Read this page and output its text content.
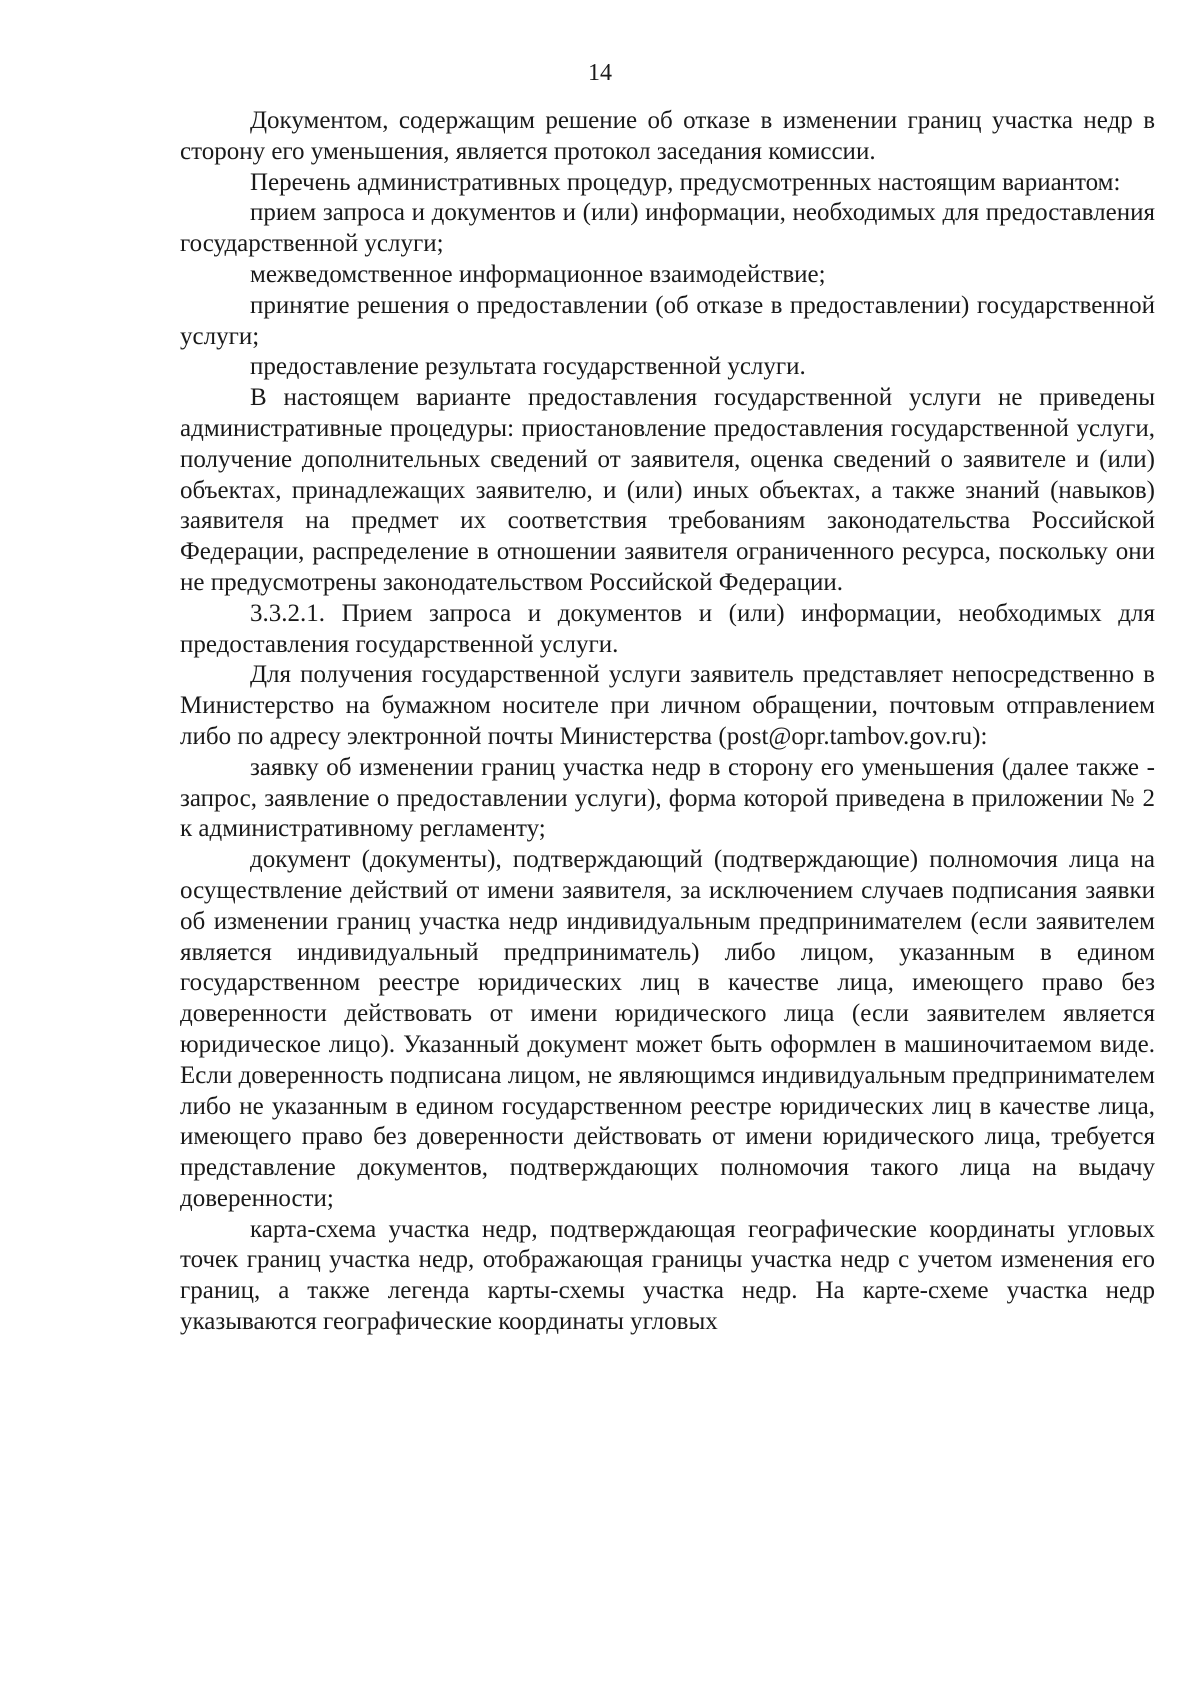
14

Документом, содержащим решение об отказе в изменении границ участка недр в сторону его уменьшения, является протокол заседания комиссии.

Перечень административных процедур, предусмотренных настоящим вариантом:

прием запроса и документов и (или) информации, необходимых для предоставления государственной услуги;

межведомственное информационное взаимодействие;

принятие решения о предоставлении (об отказе в предоставлении) государственной услуги;

предоставление результата государственной услуги.

В настоящем варианте предоставления государственной услуги не приведены административные процедуры: приостановление предоставления государственной услуги, получение дополнительных сведений от заявителя, оценка сведений о заявителе и (или) объектах, принадлежащих заявителю, и (или) иных объектах, а также знаний (навыков) заявителя на предмет их соответствия требованиям законодательства Российской Федерации, распределение в отношении заявителя ограниченного ресурса, поскольку они не предусмотрены законодательством Российской Федерации.

3.3.2.1. Прием запроса и документов и (или) информации, необходимых для предоставления государственной услуги.

Для получения государственной услуги заявитель представляет непосредственно в Министерство на бумажном носителе при личном обращении, почтовым отправлением либо по адресу электронной почты Министерства (post@opr.tambov.gov.ru):

заявку об изменении границ участка недр в сторону его уменьшения (далее также - запрос, заявление о предоставлении услуги), форма которой приведена в приложении № 2 к административному регламенту;

документ (документы), подтверждающий (подтверждающие) полномочия лица на осуществление действий от имени заявителя, за исключением случаев подписания заявки об изменении границ участка недр индивидуальным предпринимателем (если заявителем является индивидуальный предприниматель) либо лицом, указанным в едином государственном реестре юридических лиц в качестве лица, имеющего право без доверенности действовать от имени юридического лица (если заявителем является юридическое лицо). Указанный документ может быть оформлен в машиночитаемом виде. Если доверенность подписана лицом, не являющимся индивидуальным предпринимателем либо не указанным в едином государственном реестре юридических лиц в качестве лица, имеющего право без доверенности действовать от имени юридического лица, требуется представление документов, подтверждающих полномочия такого лица на выдачу доверенности;

карта-схема участка недр, подтверждающая географические координаты угловых точек границ участка недр, отображающая границы участка недр с учетом изменения его границ, а также легенда карты-схемы участка недр. На карте-схеме участка недр указываются географические координаты угловых
